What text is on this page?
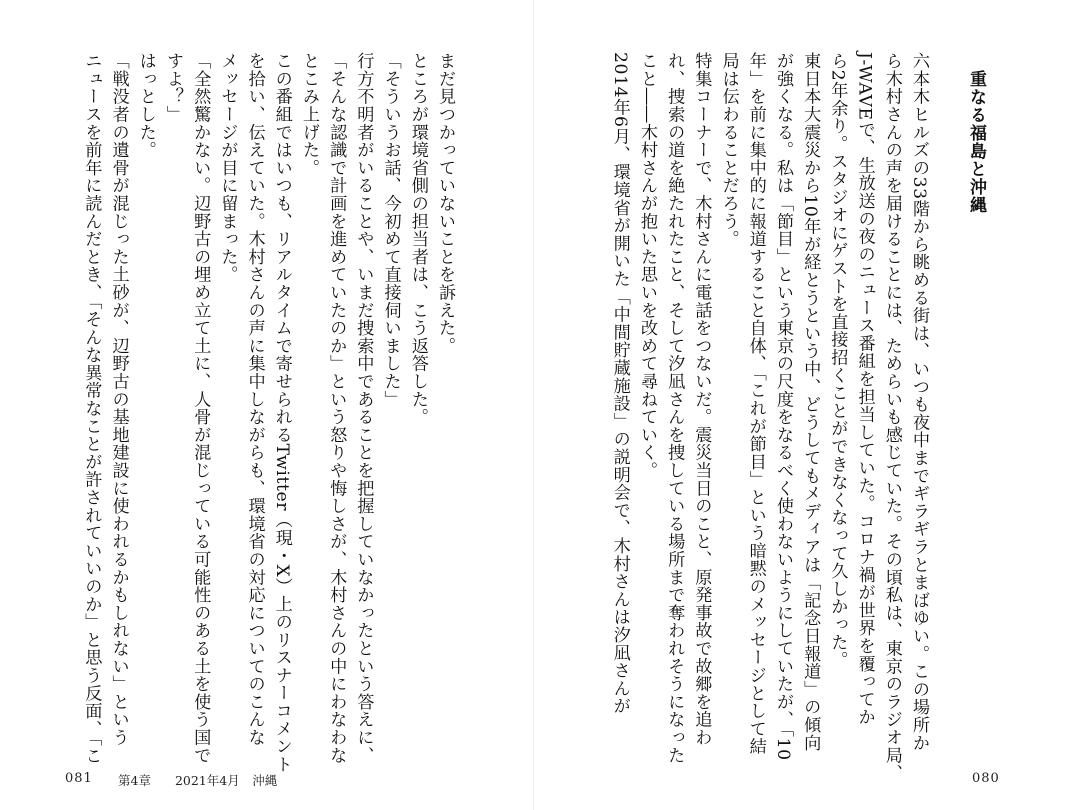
まだ見つかっていないことを訴えた。
ところが環境省側の担当者は、こう返答した。
「そういうお話、今初めて直接伺いました」
行方不明者がいることや、いまだ捜索中であることを把握していなかったという答えに、
「そんな認識で計画を進めていたのか」という怒りや悔しさが、木村さんの中にわなわな
とこみ上げた。
この番組ではいつも、リアルタイムで寄せられるTwitter（現・X）上のリスナーコメント
を拾い、伝えていた。木村さんの声に集中しながらも、環境省の対応についてのこんな
メッセージが目に留まった。
「全然驚かない。辺野古の埋め立て土に、人骨が混じっている可能性のある土を使う国で
すよ？」
はっとした。
「戦没者の遺骨が混じった土砂が、辺野古の基地建設に使われるかもしれない」という
ニュースを前年に読んだとき、「そんな異常なことが許されていいのか」と思う反面、「こ
081 第4章 2021年4月　沖縄
重なる福島と沖縄
六本木ヒルズの33階から眺める街は、いつも夜中までギラギラとまばゆい。この場所か
ら木村さんの声を届けることには、ためらいも感じていた。その頃私は、東京のラジオ局、
J-WAVEで、生放送の夜のニュース番組を担当していた。コロナ禍が世界を覆ってか
ら2年余り。スタジオにゲストを直接招くことができなくなって久しかった。
東日本大震災から10年が経とうという中、どうしてもメディアは「記念日報道」の傾向
が強くなる。私は「節目」という東京の尺度をなるべく使わないようにしていたが、「10
年」を前に集中的に報道すること自体、「これが節目」という暗黙のメッセージとして結
局は伝わることだろう。
特集コーナーで、木村さんに電話をつないだ。震災当日のこと、原発事故で故郷を追わ
れ、捜索の道を絶たれたこと、そして汐凪さんを捜している場所まで奪われそうになった
こと――木村さんが抱いた思いを改めて尋ねていく。
2014年6月、環境省が開いた「中間貯蔵施設」の説明会で、木村さんは汐凪さんが
080
